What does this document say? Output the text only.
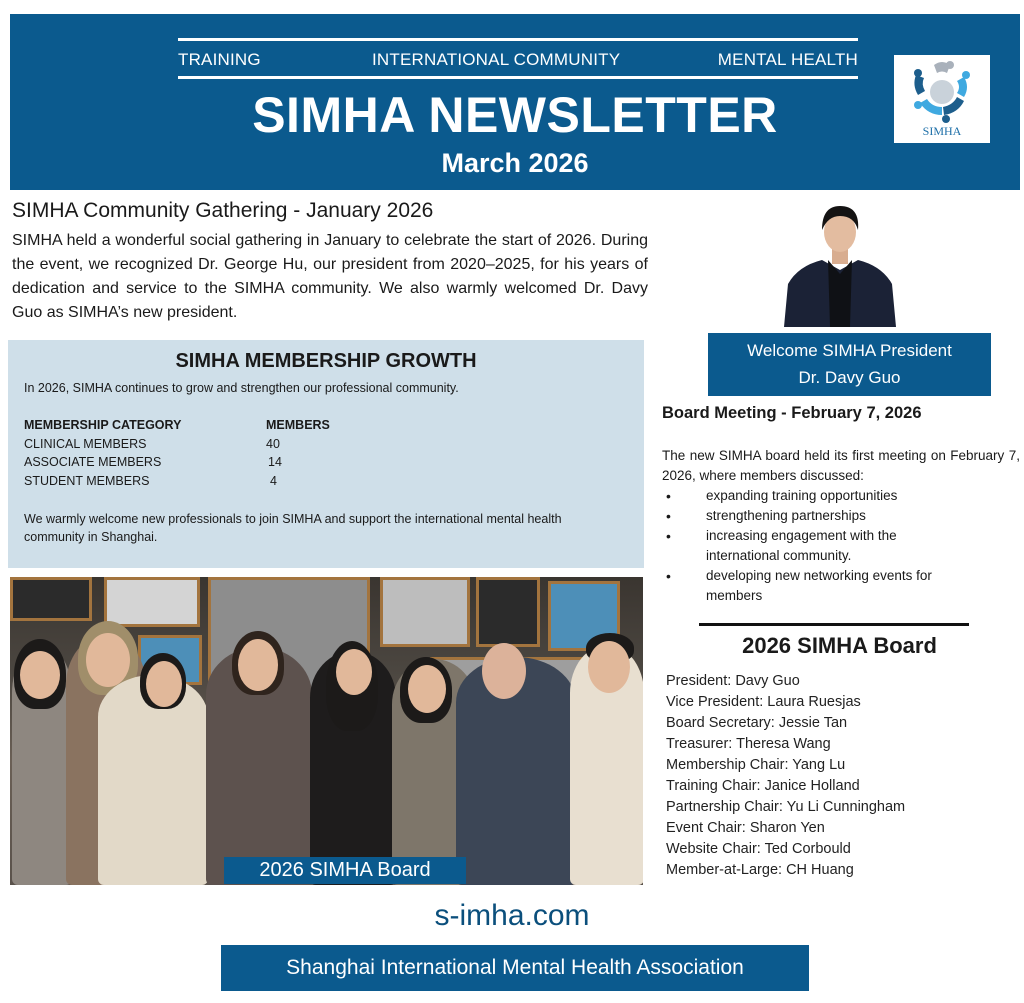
TRAINING	INTERNATIONAL COMMUNITY	MENTAL HEALTH
SIMHA NEWSLETTER
March 2026
SIMHA
SIMHA Community Gathering - January 2026

SIMHA held a wonderful social gathering in January to celebrate the start of 2026. During the event, we recognized Dr. George Hu, our president from 2020–2025, for his years of dedication and service to the SIMHA community. We also warmly welcomed Dr. Davy Guo as SIMHA’s new president.

SIMHA MEMBERSHIP GROWTH
In 2026, SIMHA continues to grow and strengthen our professional community.
MEMBERSHIP CATEGORY	MEMBERS
CLINICAL MEMBERS	40
ASSOCIATE MEMBERS	14
STUDENT MEMBERS	4

We warmly welcome new professionals to join SIMHA and support the international mental health community in Shanghai.

2026 SIMHA Board
Welcome SIMHA President
Dr. Davy Guo
Board Meeting - February 7, 2026

The new SIMHA board held its first meeting on February 7, 2026, where members discussed:

• expanding training opportunities
• strengthening partnerships
• increasing engagement with the international community.
• developing new networking events for members
2026 SIMHA Board
President: Davy Guo
Vice President: Laura Ruesjas
Board Secretary: Jessie Tan
Treasurer: Theresa Wang
Membership Chair: Yang Lu
Training Chair: Janice Holland
Partnership Chair: Yu Li Cunningham
Event Chair: Sharon Yen
Website Chair: Ted Corbould
Member-at-Large: CH Huang
s-imha.com
Shanghai International Mental Health Association
